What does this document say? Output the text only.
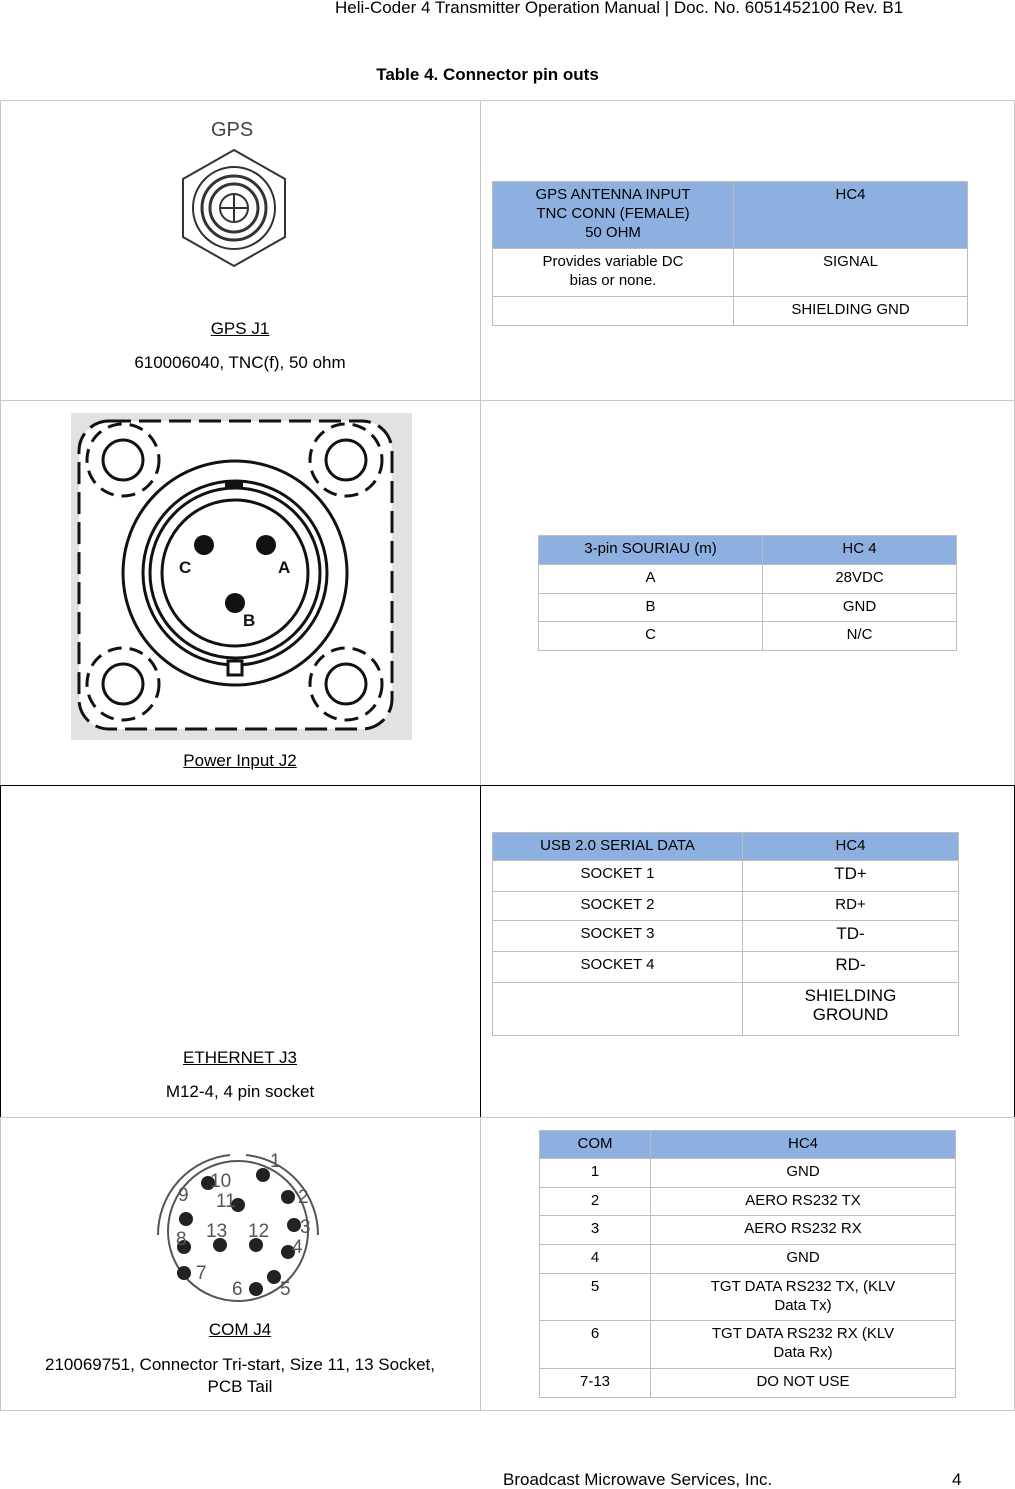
Heli-Coder 4 Transmitter Operation Manual | Doc. No. 6051452100 Rev. B1
Table 4. Connector pin outs
GPS
GPS J1
610006040, TNC(f), 50 ohm
GPS ANTENNA INPUT
TNC CONN (FEMALE)
50 OHM	HC4
Provides variable DC
bias or none.	SIGNAL
	SHIELDING GND
C	A
B
Power Input J2
3-pin SOURIAU (m)	HC 4
A	28VDC
B	GND
C	N/C
ETHERNET J3
M12-4, 4 pin socket
USB 2.0 SERIAL DATA	HC4
SOCKET 1	TD+
SOCKET 2	RD+
SOCKET 3	TD-
SOCKET 4	RD-
	SHIELDING
GROUND
1
2
3
4
5
6
7
8
9
10
11
12
13
COM J4
210069751, Connector Tri-start, Size 11, 13 Socket,
PCB Tail
COM	HC4
1	GND
2	AERO RS232 TX
3	AERO RS232 RX
4	GND
5	TGT DATA RS232 TX, (KLV
Data Tx)
6	TGT DATA RS232 RX (KLV
Data Rx)
7-13	DO NOT USE
Broadcast Microwave Services, Inc.	4
